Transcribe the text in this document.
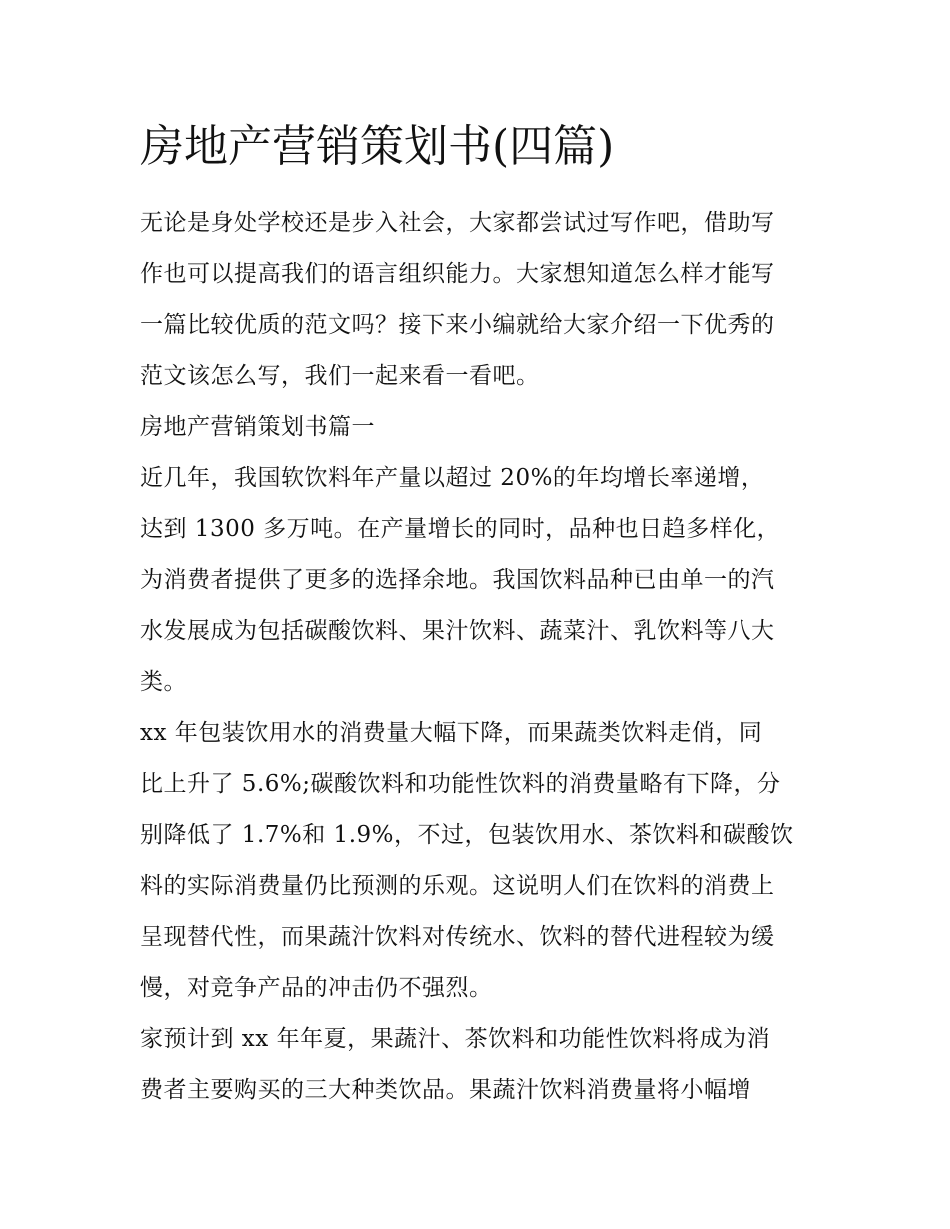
房地产营销策划书(四篇)

无论是身处学校还是步入社会，大家都尝试过写作吧，借助写
作也可以提高我们的语言组织能力。大家想知道怎么样才能写
一篇比较优质的范文吗？接下来小编就给大家介绍一下优秀的
范文该怎么写，我们一起来看一看吧。

房地产营销策划书篇一

近几年，我国软饮料年产量以超过 20%的年均增长率递增，
达到 1300 多万吨。在产量增长的同时，品种也日趋多样化，
为消费者提供了更多的选择余地。我国饮料品种已由单一的汽
水发展成为包括碳酸饮料、果汁饮料、蔬菜汁、乳饮料等八大
类。

xx 年包装饮用水的消费量大幅下降，而果蔬类饮料走俏，同
比上升了 5.6%;碳酸饮料和功能性饮料的消费量略有下降，分
别降低了 1.7%和 1.9%，不过，包装饮用水、茶饮料和碳酸饮
料的实际消费量仍比预测的乐观。这说明人们在饮料的消费上
呈现替代性，而果蔬汁饮料对传统水、饮料的替代进程较为缓
慢，对竞争产品的冲击仍不强烈。

家预计到 xx 年年夏，果蔬汁、茶饮料和功能性饮料将成为消
费者主要购买的三大种类饮品。果蔬汁饮料消费量将小幅增
